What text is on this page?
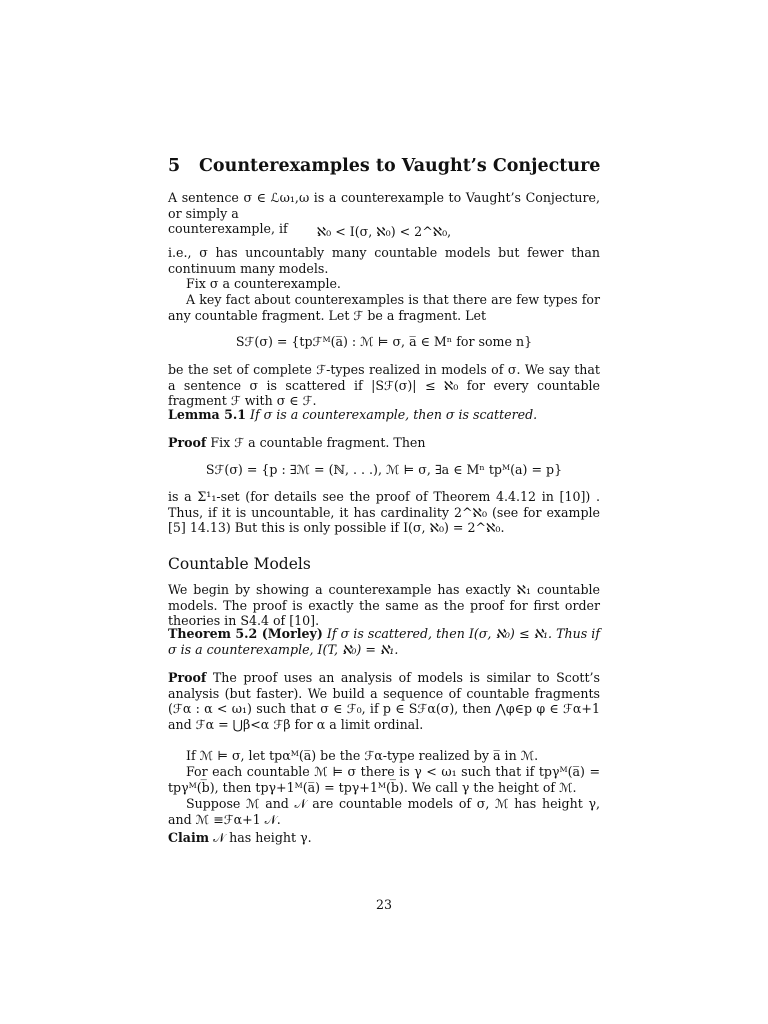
5 Counterexamples to Vaught’s Conjecture

A sentence σ ∈ ℒω₁,ω is a counterexample to Vaught’s Conjecture, or simply a

counterexample, if	ℵ₀ < I(σ, ℵ₀) < 2^ℵ₀,
i.e., σ has uncountably many countable models but fewer than continuum many models.
Fix σ a counterexample.
A key fact about counterexamples is that there are few types for any countable fragment. Let ℱ be a fragment. Let
Sℱ(σ) = {tpℱᴹ(a̅) : ℳ ⊨ σ, a̅ ∈ Mⁿ for some n}
be the set of complete ℱ-types realized in models of σ. We say that a sentence σ is scattered if |Sℱ(σ)| ≤ ℵ₀ for every countable fragment ℱ with σ ∈ ℱ.
Lemma 5.1 If σ is a counterexample, then σ is scattered.
Proof Fix ℱ a countable fragment. Then
Sℱ(σ) = {p : ∃ℳ = (ℕ, . . .), ℳ ⊨ σ, ∃a ∈ Mⁿ tpᴹ(a) = p}
is a Σ¹₁-set (for details see the proof of Theorem 4.4.12 in [10]) . Thus, if it is uncountable, it has cardinality 2^ℵ₀ (see for example [5] 14.13) But this is only possible if I(σ, ℵ₀) = 2^ℵ₀.
Countable Models
We begin by showing a counterexample has exactly ℵ₁ countable models. The proof is exactly the same as the proof for first order theories in S4.4 of [10].
Theorem 5.2 (Morley) If σ is scattered, then I(σ, ℵ₀) ≤ ℵ₁. Thus if σ is a counterexample, I(T, ℵ₀) = ℵ₁.
Proof The proof uses an analysis of models is similar to Scott’s analysis (but faster). We build a sequence of countable fragments (ℱα : α < ω₁) such that σ ∈ ℱ₀, if p ∈ Sℱα(σ), then ⋀φ∈p φ ∈ ℱα+1 and ℱα = ⋃β<α ℱβ for α a limit ordinal.
If ℳ ⊨ σ, let tpαᴹ(a̅) be the ℱα-type realized by a̅ in ℳ.
For each countable ℳ ⊨ σ there is γ < ω₁ such that if tpγᴹ(a̅) = tpγᴹ(b̅), then tpγ+1ᴹ(a̅) = tpγ+1ᴹ(b̅). We call γ the height of ℳ.
Suppose ℳ and 𝒩 are countable models of σ, ℳ has height γ, and ℳ ≡ℱα+1 𝒩.
Claim 𝒩 has height γ.
23
